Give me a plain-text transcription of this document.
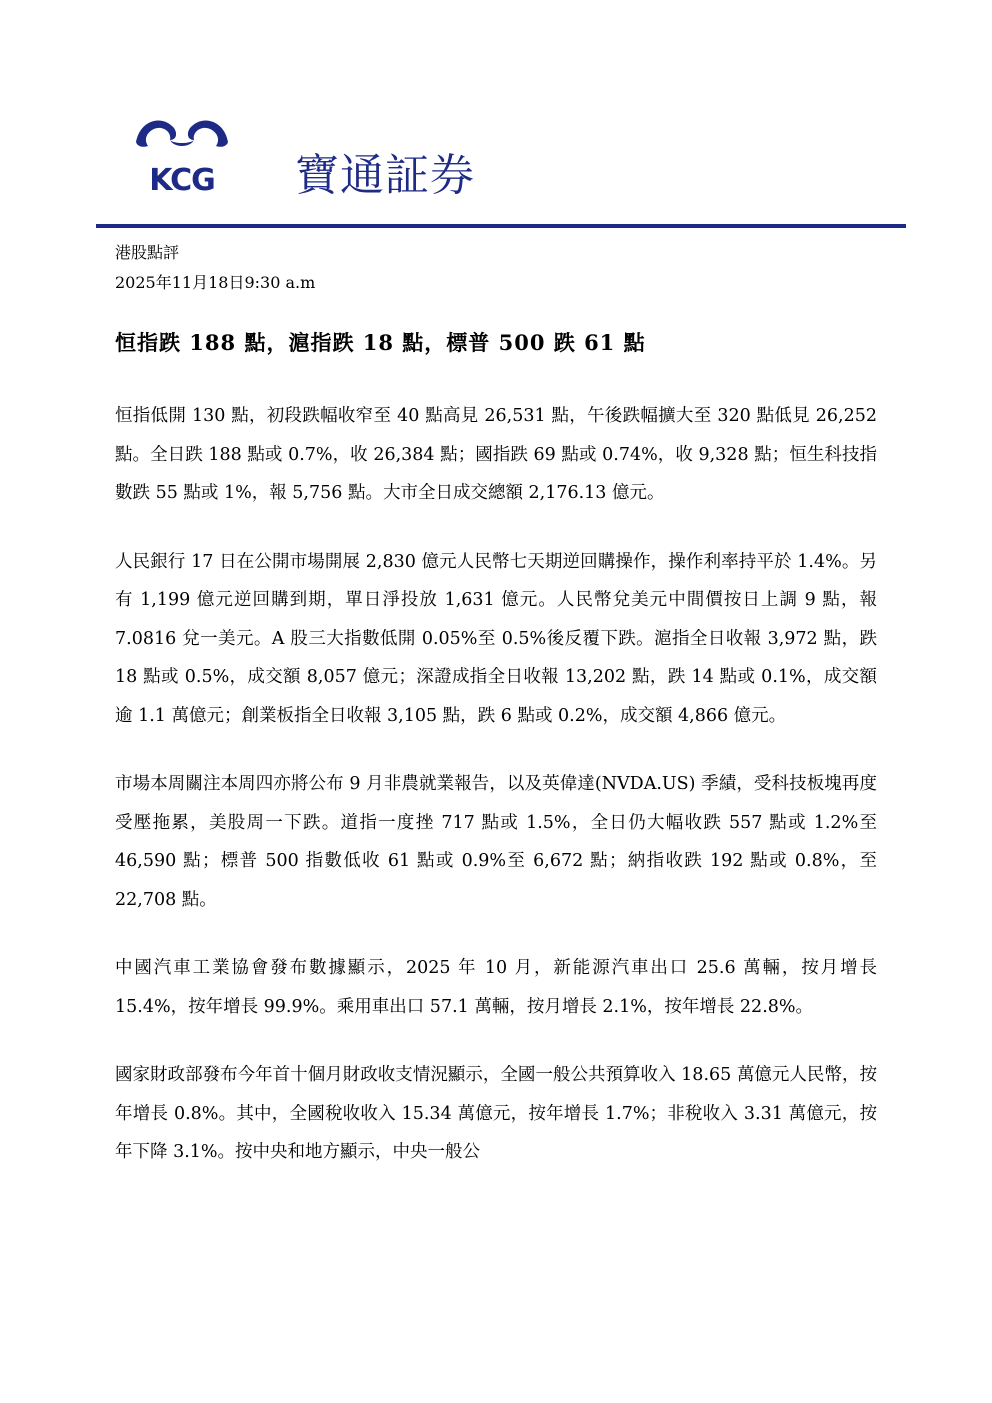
KCG 寶通証券
港股點評
2025年11月18日9:30 a.m
恒指跌 188 點，滬指跌 18 點，標普 500 跌 61 點

恒指低開 130 點，初段跌幅收窄至 40 點高見 26,531 點，午後跌幅擴大至 320 點低見 26,252 點。全日跌 188 點或 0.7%，收 26,384 點；國指跌 69 點或 0.74%，收 9,328 點；恒生科技指數跌 55 點或 1%，報 5,756 點。大市全日成交總額 2,176.13 億元。

人民銀行 17 日在公開市場開展 2,830 億元人民幣七天期逆回購操作，操作利率持平於 1.4%。另有 1,199 億元逆回購到期，單日淨投放 1,631 億元。人民幣兌美元中間價按日上調 9 點，報 7.0816 兌一美元。A 股三大指數低開 0.05%至 0.5%後反覆下跌。滬指全日收報 3,972 點，跌 18 點或 0.5%，成交額 8,057 億元；深證成指全日收報 13,202 點，跌 14 點或 0.1%，成交額逾 1.1 萬億元；創業板指全日收報 3,105 點，跌 6 點或 0.2%，成交額 4,866 億元。

市場本周關注本周四亦將公布 9 月非農就業報告，以及英偉達(NVDA.US) 季績，受科技板塊再度受壓拖累，美股周一下跌。道指一度挫 717 點或 1.5%，全日仍大幅收跌 557 點或 1.2%至 46,590 點；標普 500 指數低收 61 點或 0.9%至 6,672 點；納指收跌 192 點或 0.8%，至 22,708 點。

中國汽車工業協會發布數據顯示，2025 年 10 月，新能源汽車出口 25.6 萬輛，按月增長 15.4%，按年增長 99.9%。乘用車出口 57.1 萬輛，按月增長 2.1%，按年增長 22.8%。

國家財政部發布今年首十個月財政收支情況顯示，全國一般公共預算收入 18.65 萬億元人民幣，按年增長 0.8%。其中，全國稅收收入 15.34 萬億元，按年增長 1.7%；非稅收入 3.31 萬億元，按年下降 3.1%。按中央和地方顯示，中央一般公
